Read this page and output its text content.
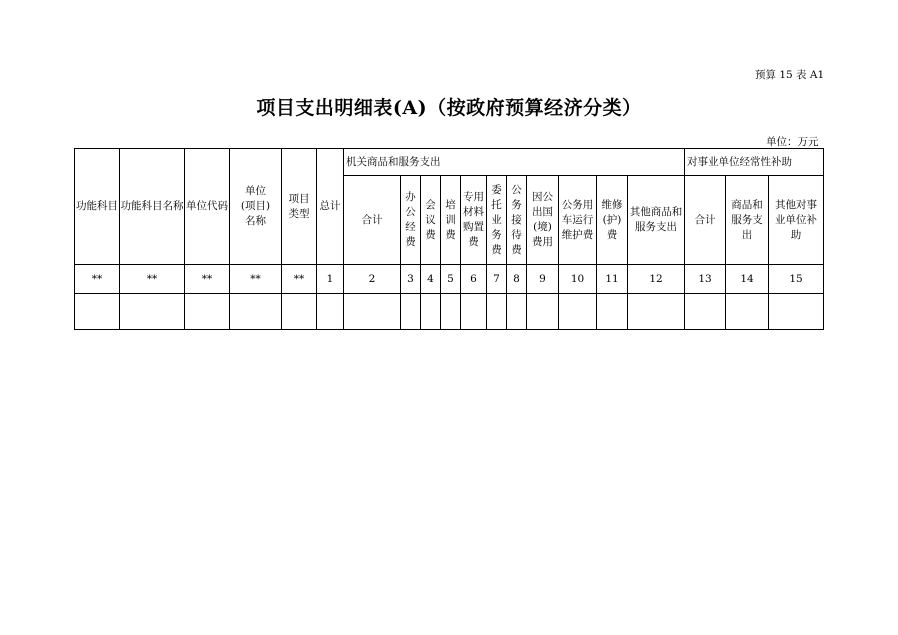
预算 15 表 A1
项目支出明细表(A)（按政府预算经济分类）
单位：万元
功能科目	功能科目名称	单位代码	单位(项目)名称	项目类型	总计	机关商品和服务支出											对事业单位经常性补助		
						合计	办公经费	会议费	培训费	专用材料购置费	委托业务费	公务接待费	因公出国(境)费用	公务用车运行维护费	维修(护)费	其他商品和服务支出	合计	商品和服务支出	其他对事业单位补助
**	**	**	**	**	1	2	3	4	5	6	7	8	9	10	11	12	13	14	15
